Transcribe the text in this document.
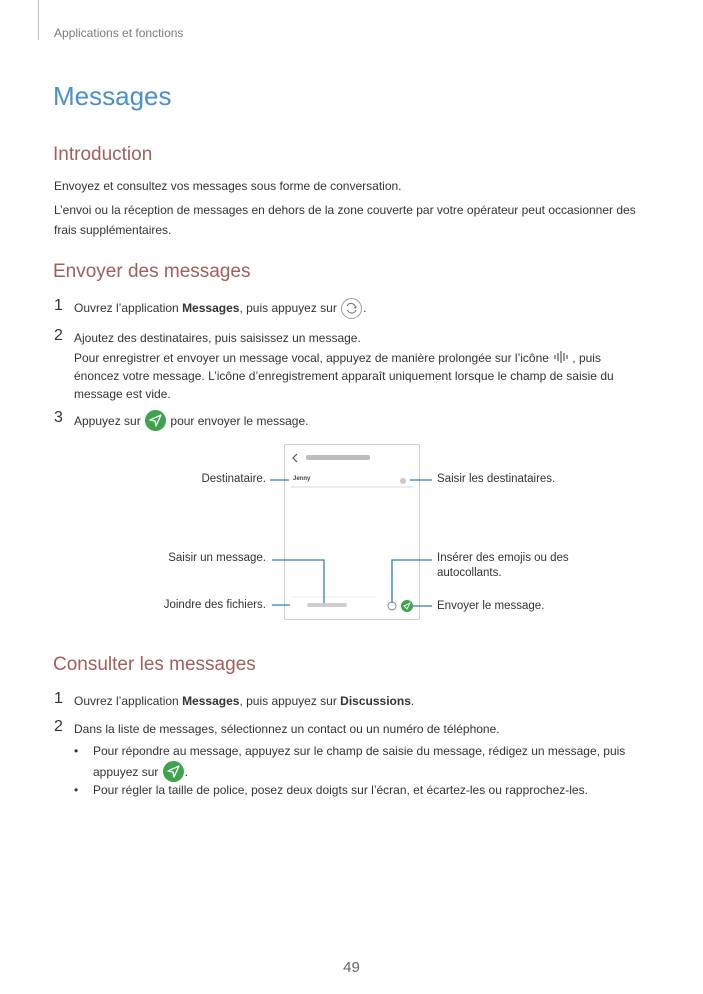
Applications et fonctions
Messages
Introduction

Envoyez et consultez vos messages sous forme de conversation.

L’envoi ou la réception de messages en dehors de la zone couverte par votre opérateur peut occasionner des frais supplémentaires.

Envoyer des messages
1 Ouvrez l’application Messages, puis appuyez sur .
2 Ajoutez des destinataires, puis saisissez un message.
Pour enregistrer et envoyer un message vocal, appuyez de manière prolongée sur l’icône , puis énoncez votre message. L’icône d’enregistrement apparaît uniquement lorsque le champ de saisie du message est vide.
3 Appuyez sur pour envoyer le message.
Jenny
Destinataire.
Saisir un message.
Joindre des fichiers.
Saisir les destinataires.
Insérer des emojis ou des autocollants.
Envoyer le message.
Consulter les messages
1 Ouvrez l’application Messages, puis appuyez sur Discussions.
2 Dans la liste de messages, sélectionnez un contact ou un numéro de téléphone.
• Pour répondre au message, appuyez sur le champ de saisie du message, rédigez un message, puis appuyez sur .
• Pour régler la taille de police, posez deux doigts sur l’écran, et écartez-les ou rapprochez-les.
49
